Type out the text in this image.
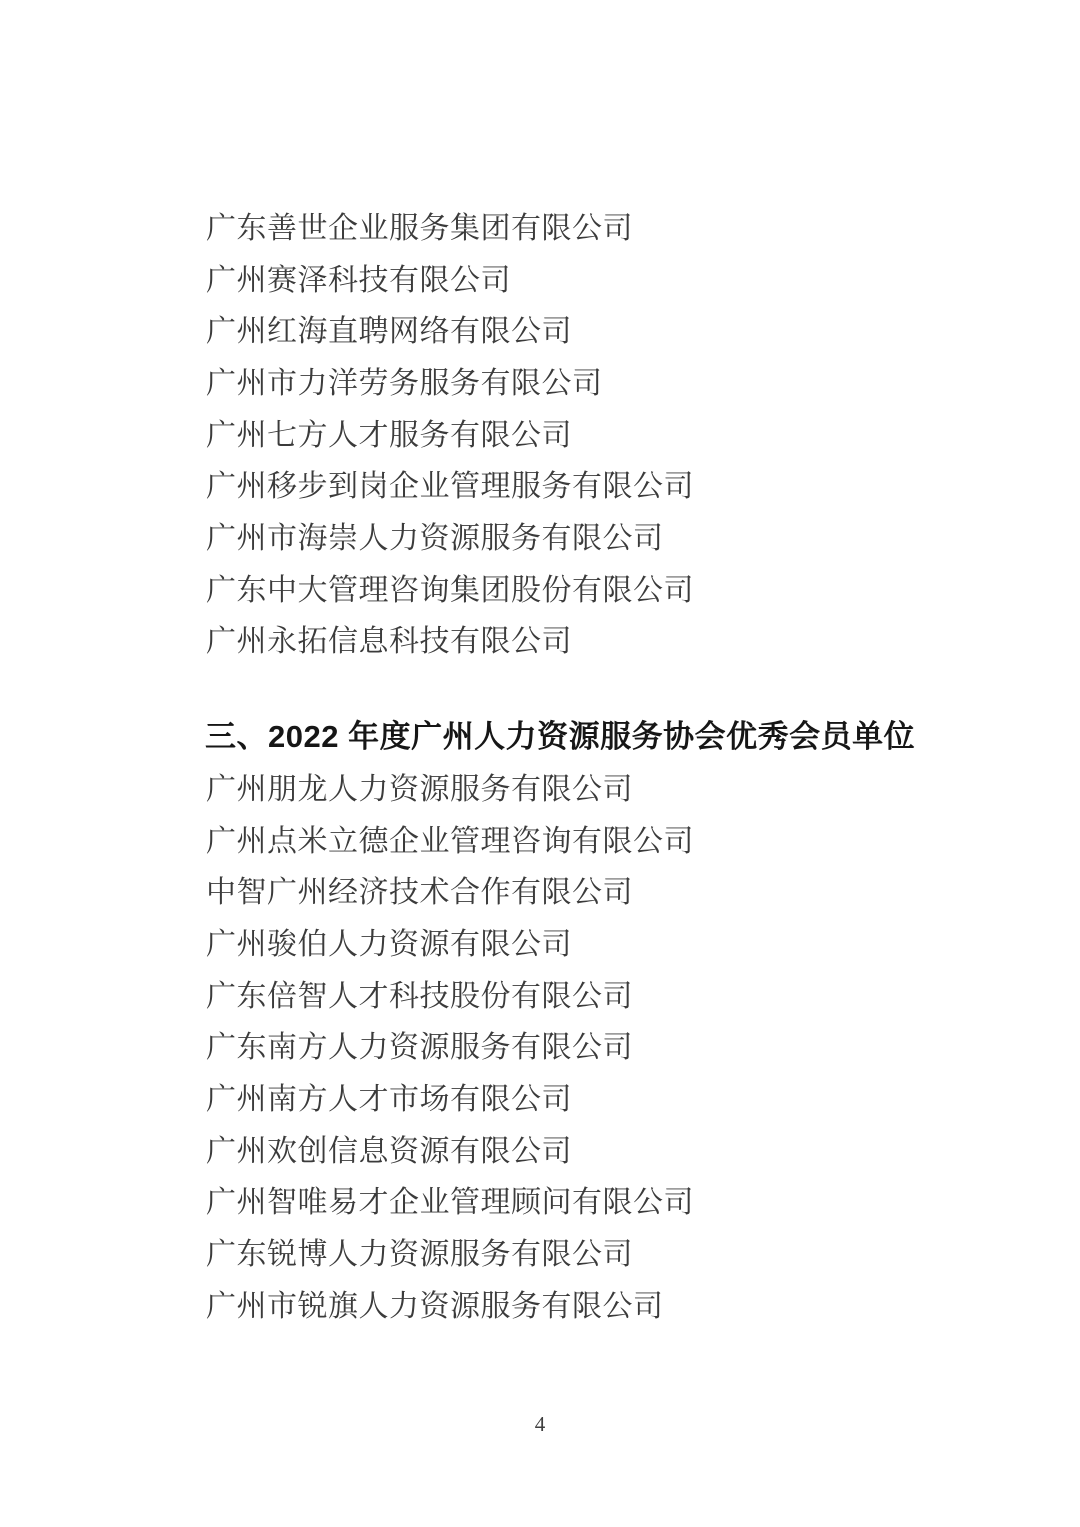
广东善世企业服务集团有限公司
广州赛泽科技有限公司
广州红海直聘网络有限公司
广州市力洋劳务服务有限公司
广州七方人才服务有限公司
广州移步到岗企业管理服务有限公司
广州市海崇人力资源服务有限公司
广东中大管理咨询集团股份有限公司
广州永拓信息科技有限公司
三、2022 年度广州人力资源服务协会优秀会员单位
广州朋龙人力资源服务有限公司
广州点米立德企业管理咨询有限公司
中智广州经济技术合作有限公司
广州骏伯人力资源有限公司
广东倍智人才科技股份有限公司
广东南方人力资源服务有限公司
广州南方人才市场有限公司
广州欢创信息资源有限公司
广州智唯易才企业管理顾问有限公司
广东锐博人力资源服务有限公司
广州市锐旗人力资源服务有限公司
4
